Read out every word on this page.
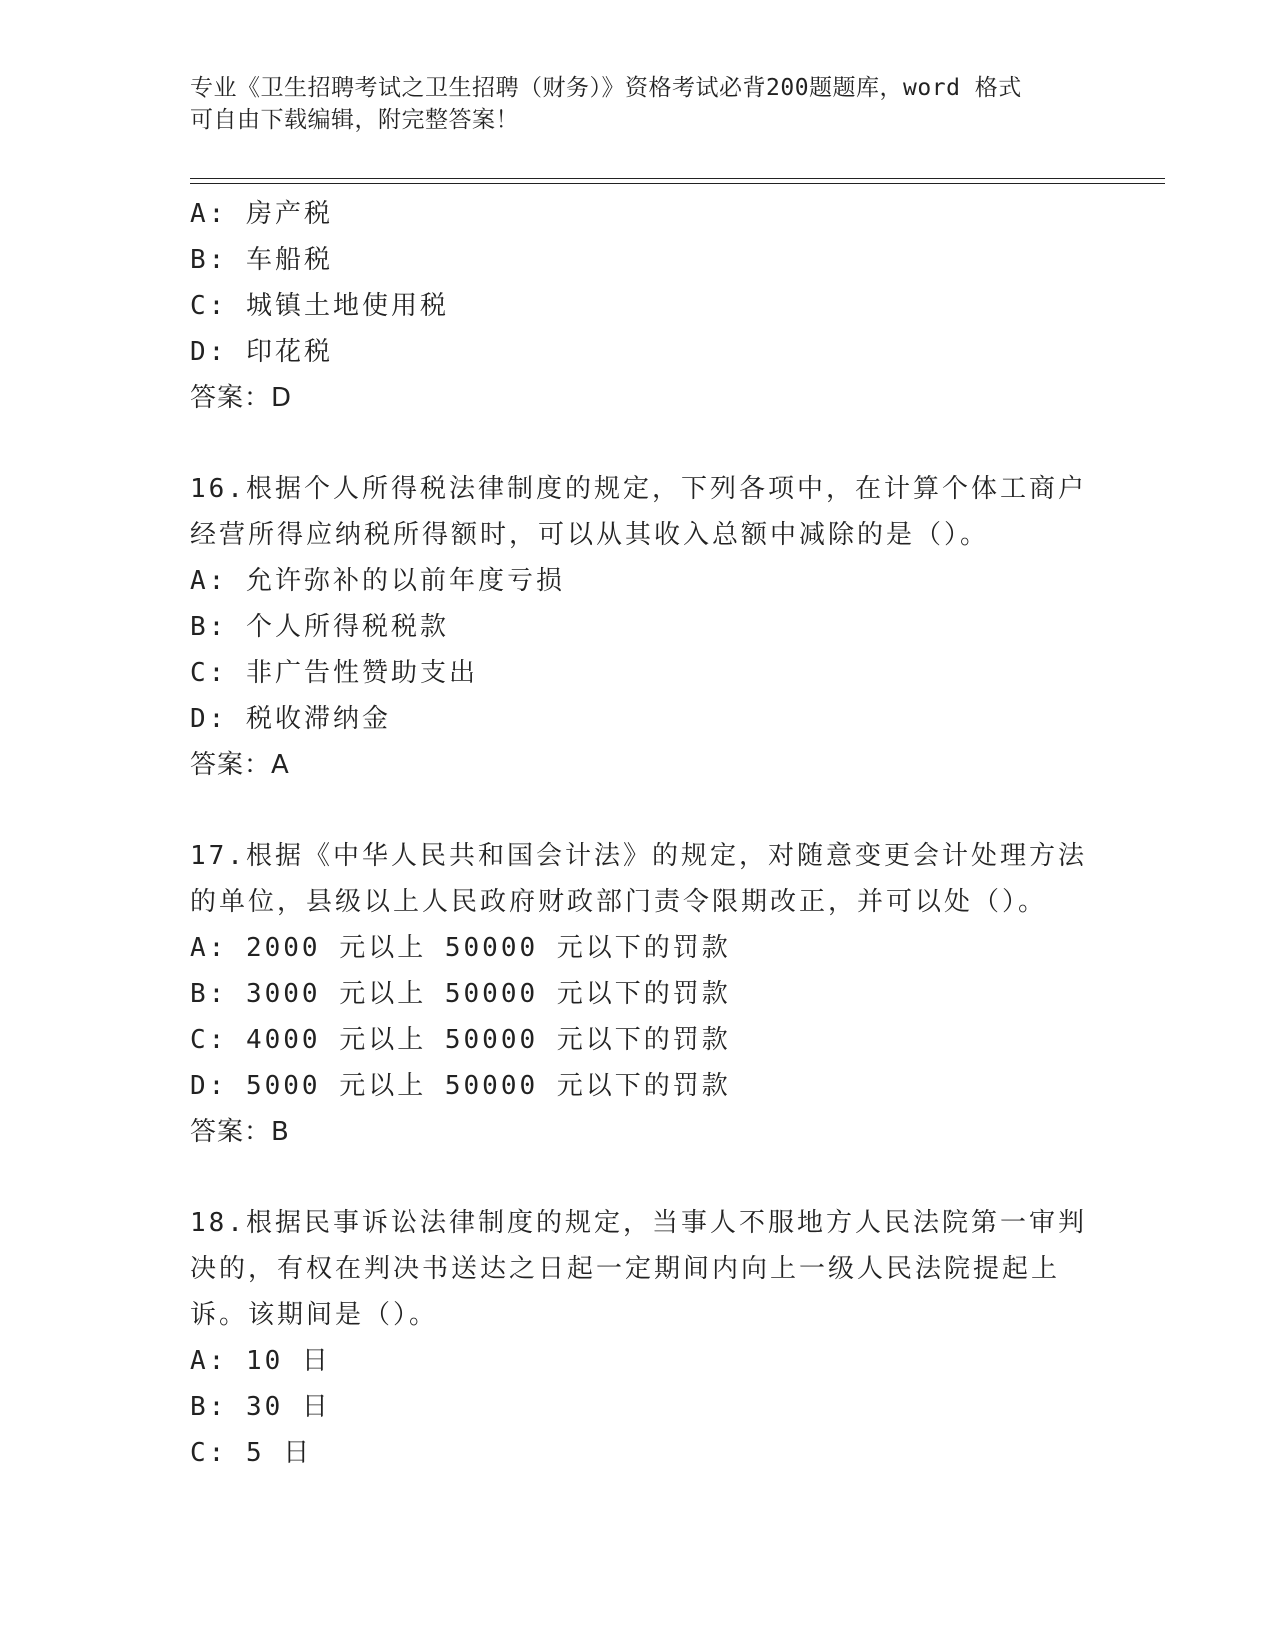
专业《卫生招聘考试之卫生招聘（财务）》资格考试必背200题题库，word 格式
可自由下载编辑，附完整答案！
A: 房产税
B: 车船税
C: 城镇土地使用税
D: 印花税
答案：D
16.根据个人所得税法律制度的规定，下列各项中，在计算个体工商户
经营所得应纳税所得额时，可以从其收入总额中减除的是（）。
A: 允许弥补的以前年度亏损
B: 个人所得税税款
C: 非广告性赞助支出
D: 税收滞纳金
答案：A
17.根据《中华人民共和国会计法》的规定，对随意变更会计处理方法
的单位，县级以上人民政府财政部门责令限期改正，并可以处（）。
A: 2000 元以上 50000 元以下的罚款
B: 3000 元以上 50000 元以下的罚款
C: 4000 元以上 50000 元以下的罚款
D: 5000 元以上 50000 元以下的罚款
答案：B
18.根据民事诉讼法律制度的规定，当事人不服地方人民法院第一审判
决的，有权在判决书送达之日起一定期间内向上一级人民法院提起上
诉。该期间是（）。
A: 10 日
B: 30 日
C: 5 日
